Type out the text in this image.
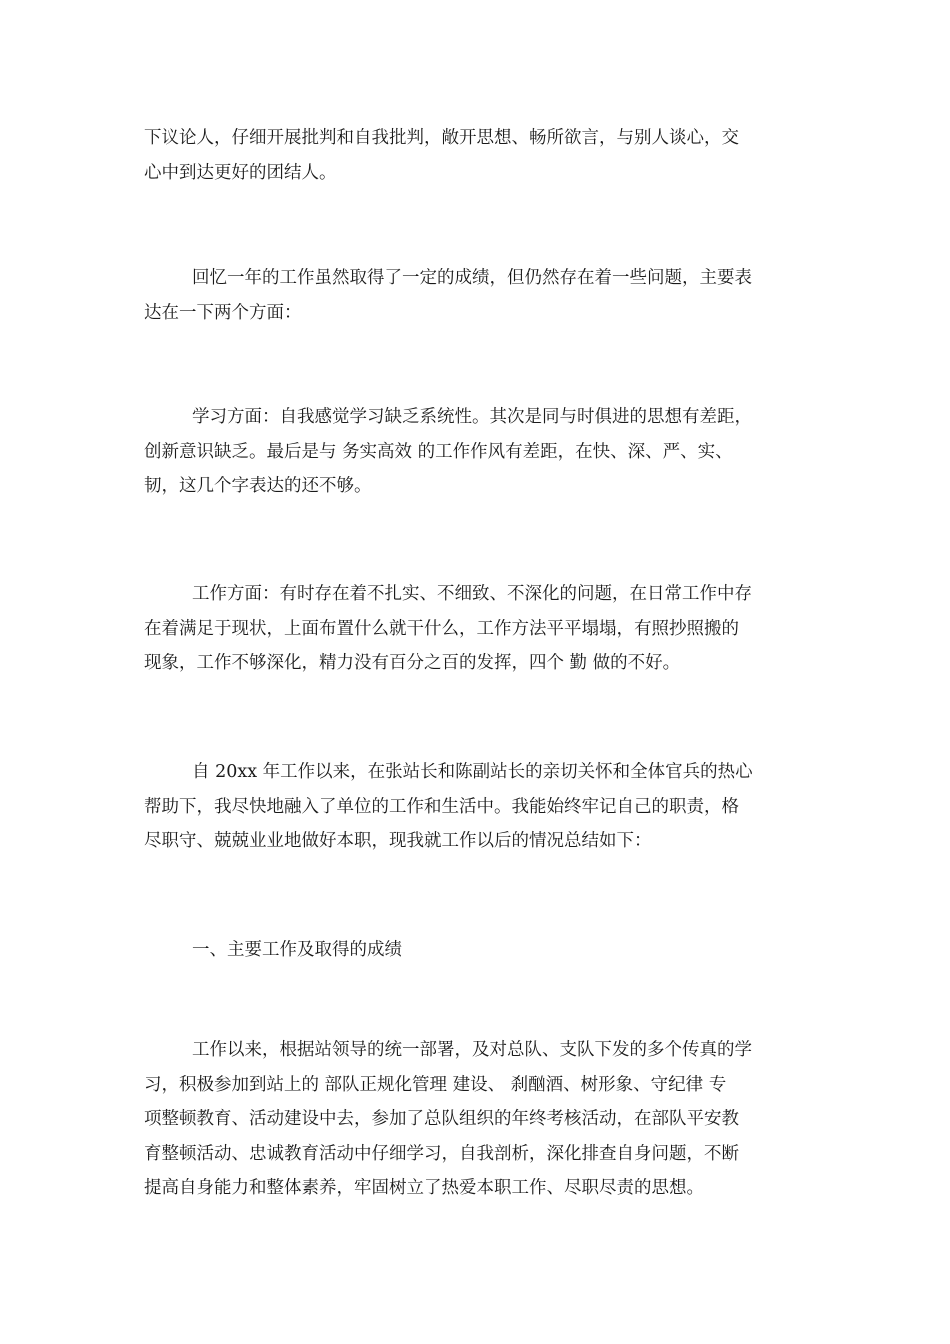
下议论人，仔细开展批判和自我批判，敞开思想、畅所欲言，与别人谈心，交
心中到达更好的团结人。

回忆一年的工作虽然取得了一定的成绩，但仍然存在着一些问题，主要表
达在一下两个方面：

学习方面：自我感觉学习缺乏系统性。其次是同与时俱进的思想有差距，
创新意识缺乏。最后是与 务实高效 的工作作风有差距，在快、深、严、实、
韧，这几个字表达的还不够。

工作方面：有时存在着不扎实、不细致、不深化的问题，在日常工作中存
在着满足于现状，上面布置什么就干什么，工作方法平平塌塌，有照抄照搬的
现象，工作不够深化，精力没有百分之百的发挥，四个 勤 做的不好。

自 20xx 年工作以来，在张站长和陈副站长的亲切关怀和全体官兵的热心
帮助下，我尽快地融入了单位的工作和生活中。我能始终牢记自己的职责，格
尽职守、兢兢业业地做好本职，现我就工作以后的情况总结如下：

一、主要工作及取得的成绩

工作以来，根据站领导的统一部署，及对总队、支队下发的多个传真的学
习，积极参加到站上的 部队正规化管理 建设、 刹酗酒、树形象、守纪律 专
项整顿教育、活动建设中去，参加了总队组织的年终考核活动，在部队平安教
育整顿活动、忠诚教育活动中仔细学习，自我剖析，深化排查自身问题，不断
提高自身能力和整体素养，牢固树立了热爱本职工作、尽职尽责的思想。
